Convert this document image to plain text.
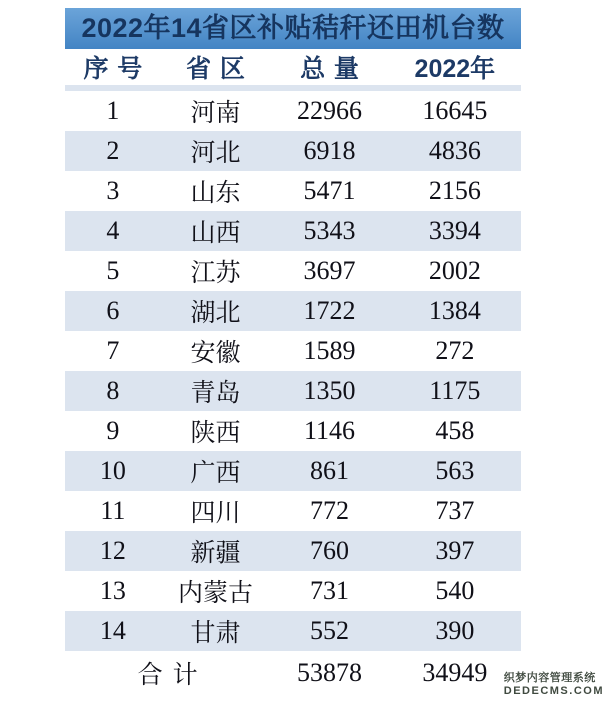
2022年14省区补贴秸秆还田机台数
序号	省区	总量	2022年
1	河南	22966	16645
2	河北	6918	4836
3	山东	5471	2156
4	山西	5343	3394
5	江苏	3697	2002
6	湖北	1722	1384
7	安徽	1589	272
8	青岛	1350	1175
9	陕西	1146	458
10	广西	861	563
11	四川	772	737
12	新疆	760	397
13	内蒙古	731	540
14	甘肃	552	390
合计		53878	34949 织梦内容管理系统
DEDECMS.COM
